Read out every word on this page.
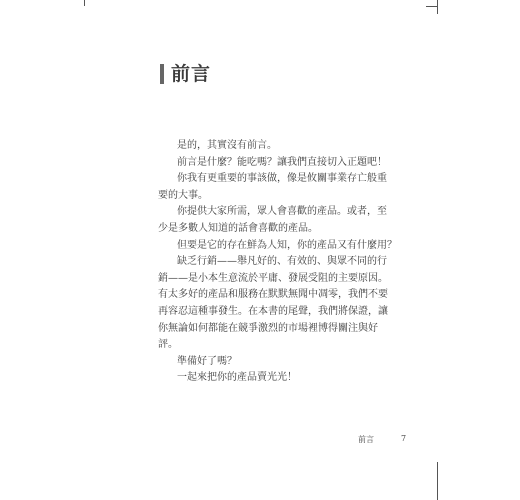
前言

是的，其實沒有前言。

前言是什麼？能吃嗎？讓我們直接切入正題吧！

你我有更重要的事該做，像是攸關事業存亡般重要的大事。

你提供大家所需，眾人會喜歡的產品。或者，至少是多數人知道的話會喜歡的產品。

但要是它的存在鮮為人知，你的產品又有什麼用？

缺乏行銷——舉凡好的、有效的、與眾不同的行銷——是小本生意流於平庸、發展受阻的主要原因。有太多好的產品和服務在默默無聞中凋零，我們不要再容忍這種事發生。在本書的尾聲，我們將保證，讓你無論如何都能在競爭激烈的市場裡博得關注與好評。

準備好了嗎？

一起來把你的產品賣光光！

前言	7
